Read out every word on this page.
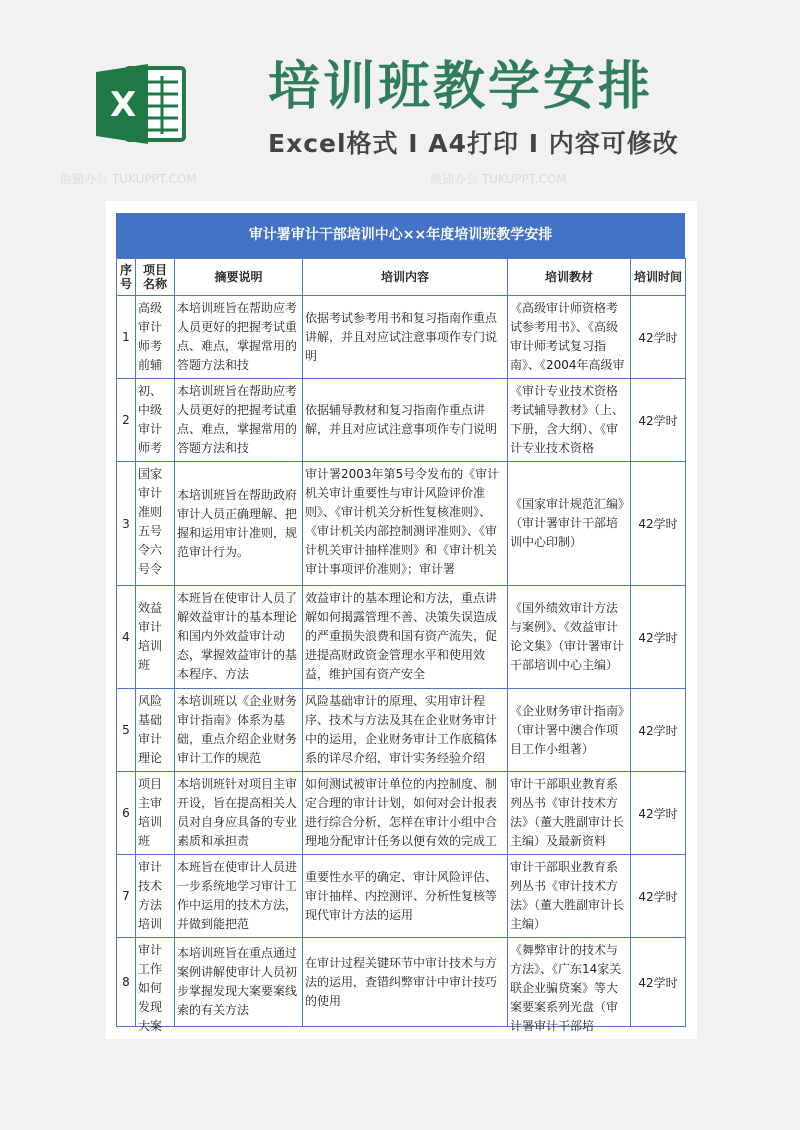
X	培训班教学安排
Excel格式 Ⅰ A4打印 Ⅰ 内容可修改
熊猫办公 TUKUPPT.COM	熊猫办公 TUKUPPT.COM
审计署审计干部培训中心××年度培训班教学安排
序号	项目名称	摘要说明	培训内容	培训教材	培训时间
1	高级审计师考前辅	本培训班旨在帮助应考人员更好的把握考试重点、难点，掌握常用的答题方法和技	依据考试参考用书和复习指南作重点讲解，并且对应试注意事项作专门说明	《高级审计师资格考试参考用书》、《高级审计师考试复习指南》、《2004年高级审	42学时
2	初、中级审计师考	本培训班旨在帮助应考人员更好的把握考试重点、难点，掌握常用的答题方法和技	依据辅导教材和复习指南作重点讲解，并且对应试注意事项作专门说明	《审计专业技术资格考试辅导教材》（上、下册，含大纲）、《审计专业技术资格	42学时
3	国家审计准则五号令六号令	本培训班旨在帮助政府审计人员正确理解、把握和运用审计准则，规范审计行为。	审计署2003年第5号令发布的《审计机关审计重要性与审计风险评价准则》、《审计机关分析性复核准则》、《审计机关内部控制测评准则》、《审计机关审计抽样准则》和《审计机关审计事项评价准则》；审计署	《国家审计规范汇编》（审计署审计干部培训中心印制）	42学时
4	效益审计培训班	本班旨在使审计人员了解效益审计的基本理论和国内外效益审计动态，掌握效益审计的基本程序、方法	效益审计的基本理论和方法，重点讲解如何揭露管理不善、决策失误造成的严重损失浪费和国有资产流失，促进提高财政资金管理水平和使用效益，维护国有资产安全	《国外绩效审计方法与案例》、《效益审计论文集》（审计署审计干部培训中心主编）	42学时
5	风险基础审计理论	本培训班以《企业财务审计指南》体系为基础，重点介绍企业财务审计工作的规范	风险基础审计的原理、实用审计程序、技术与方法及其在企业财务审计中的运用，企业财务审计工作底稿体系的详尽介绍，审计实务经验介绍	《企业财务审计指南》（审计署中澳合作项目工作小组著）	42学时
6	项目主审培训班	本培训班针对项目主审开设，旨在提高相关人员对自身应具备的专业素质和承担责	如何测试被审计单位的内控制度、制定合理的审计计划，如何对会计报表进行综合分析，怎样在审计小组中合理地分配审计任务以便有效的完成工	审计干部职业教育系列丛书《审计技术方法》（董大胜副审计长主编）及最新资料	42学时
7	审计技术方法培训	本班旨在使审计人员进一步系统地学习审计工作中运用的技术方法，并做到能把范	重要性水平的确定、审计风险评估、审计抽样、内控测评、分析性复核等现代审计方法的运用	审计干部职业教育系列丛书《审计技术方法》（董大胜副审计长主编）	42学时
8	审计工作如何发现大案	本培训班旨在重点通过案例讲解使审计人员初步掌握发现大案要案线索的有关方法	在审计过程关键环节中审计技术与方法的运用，查错纠弊审计中审计技巧的使用	《舞弊审计的技术与方法》、《广东14家关联企业骗贷案》等大案要案系列光盘（审计署审计干部培	42学时
